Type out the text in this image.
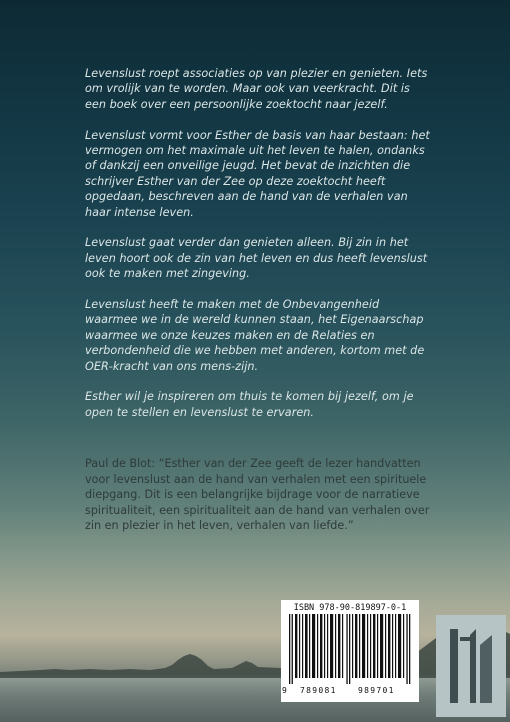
Levenslust roept associaties op van plezier en genieten. Iets om vrolijk van te worden. Maar ook van veerkracht. Dit is een boek over een persoonlijke zoektocht naar jezelf.

Levenslust vormt voor Esther de basis van haar bestaan: het vermogen om het maximale uit het leven te halen, ondanks of dankzij een onveilige jeugd. Het bevat de inzichten die schrijver Esther van der Zee op deze zoektocht heeft opgedaan, beschreven aan de hand van de verhalen van haar intense leven.

Levenslust gaat verder dan genieten alleen. Bij zin in het leven hoort ook de zin van het leven en dus heeft levenslust ook te maken met zingeving.

Levenslust heeft te maken met de Onbevangenheid waarmee we in de wereld kunnen staan, het Eigenaarschap waarmee we onze keuzes maken en de Relaties en verbondenheid die we hebben met anderen, kortom met de OER-kracht van ons mens-zijn.

Esther wil je inspireren om thuis te komen bij jezelf, om je open te stellen en levenslust te ervaren.

Paul de Blot: “Esther van der Zee geeft de lezer handvatten voor levenslust aan de hand van verhalen met een spirituele diepgang. Dit is een belangrijke bijdrage voor de narratieve spiritualiteit, een spiritualiteit aan de hand van verhalen over zin en plezier in het leven, verhalen van liefde.”
ISBN 978-90-819897-0-1
9 789081	989701
